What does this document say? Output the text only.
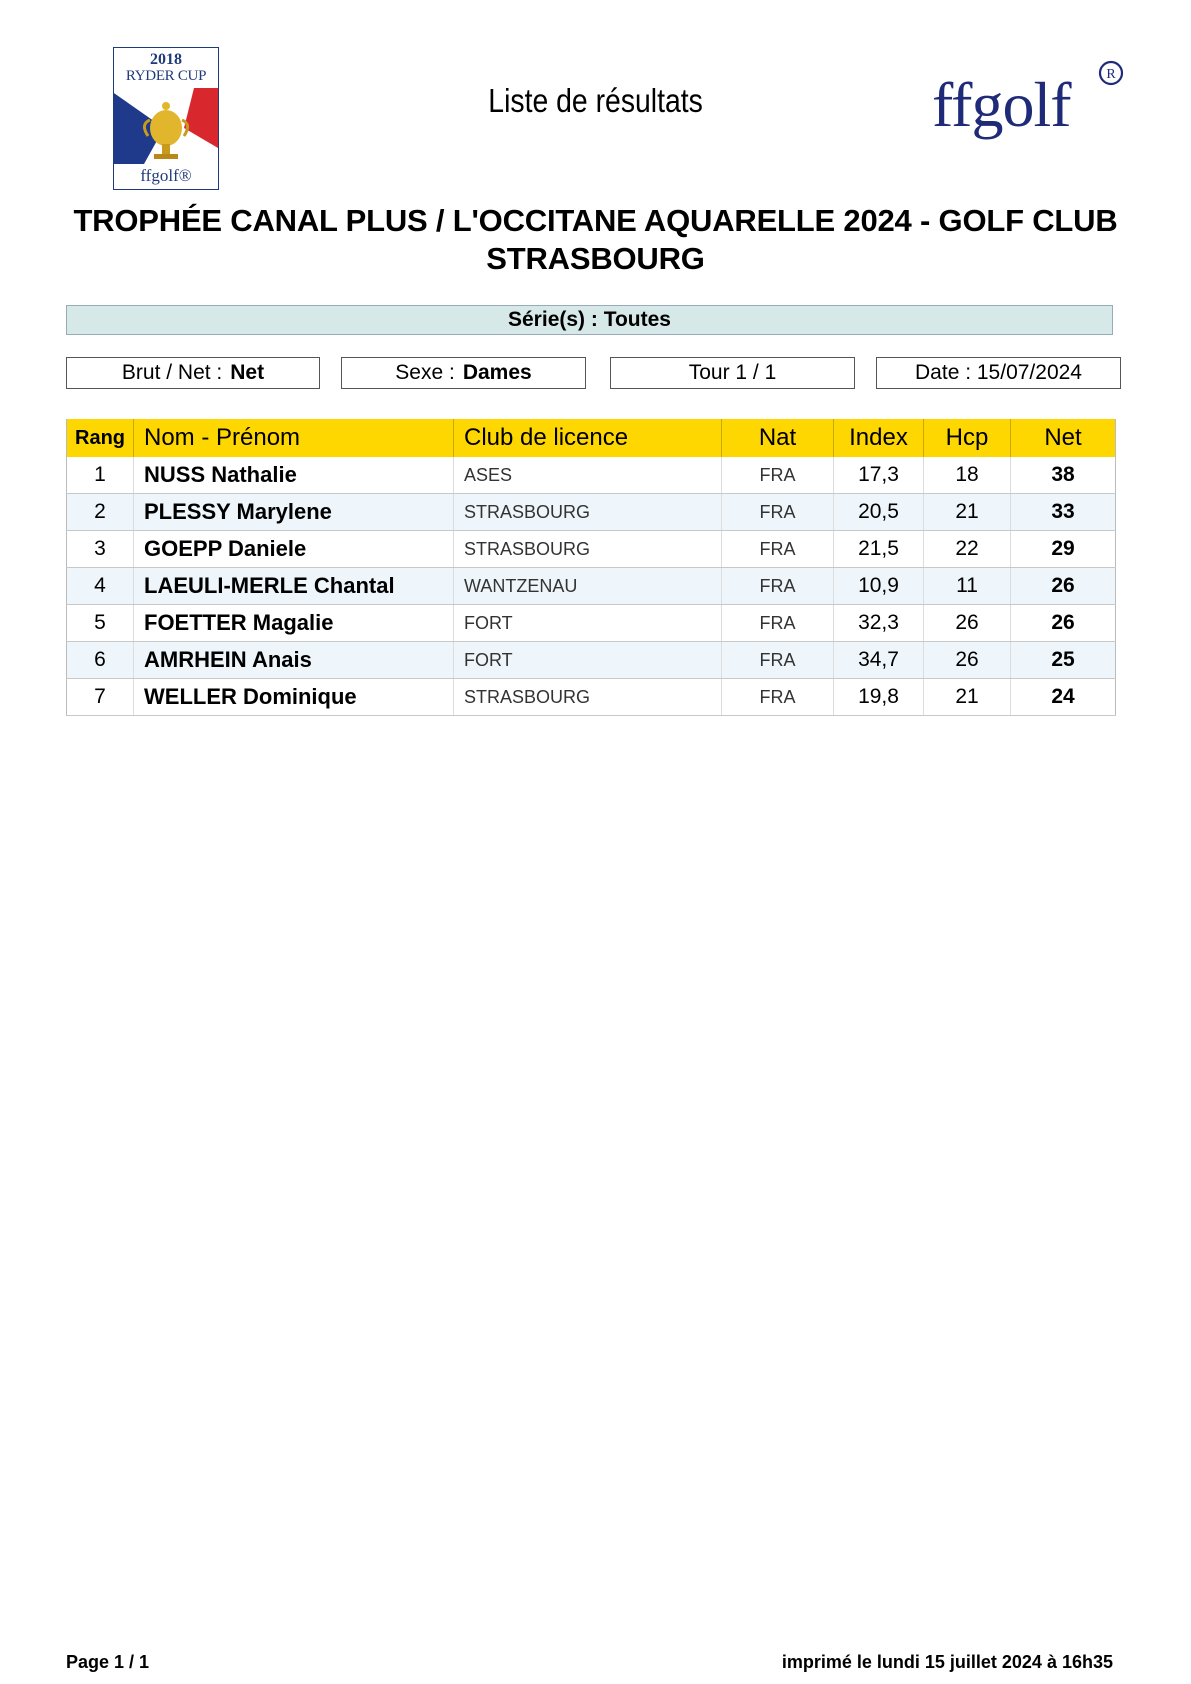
2018
RYDER CUP
ffgolf®
Liste de résultats	ffgolf	R
TROPHÉE CANAL PLUS / L'OCCITANE AQUARELLE 2024 - GOLF CLUB
STRASBOURG
Série(s) : Toutes
Brut / Net : Net	Sexe : Dames	Tour 1 / 1	Date : 15/07/2024
Rang	Nom - Prénom	Club de licence	Nat	Index	Hcp	Net
1	NUSS Nathalie	ASES	FRA	17,3	18	38
2	PLESSY Marylene	STRASBOURG	FRA	20,5	21	33
3	GOEPP Daniele	STRASBOURG	FRA	21,5	22	29
4	LAEULI-MERLE Chantal	WANTZENAU	FRA	10,9	11	26
5	FOETTER Magalie	FORT	FRA	32,3	26	26
6	AMRHEIN Anais	FORT	FRA	34,7	26	25
7	WELLER Dominique	STRASBOURG	FRA	19,8	21	24
Page 1 / 1	imprimé le lundi 15 juillet 2024 à 16h35
